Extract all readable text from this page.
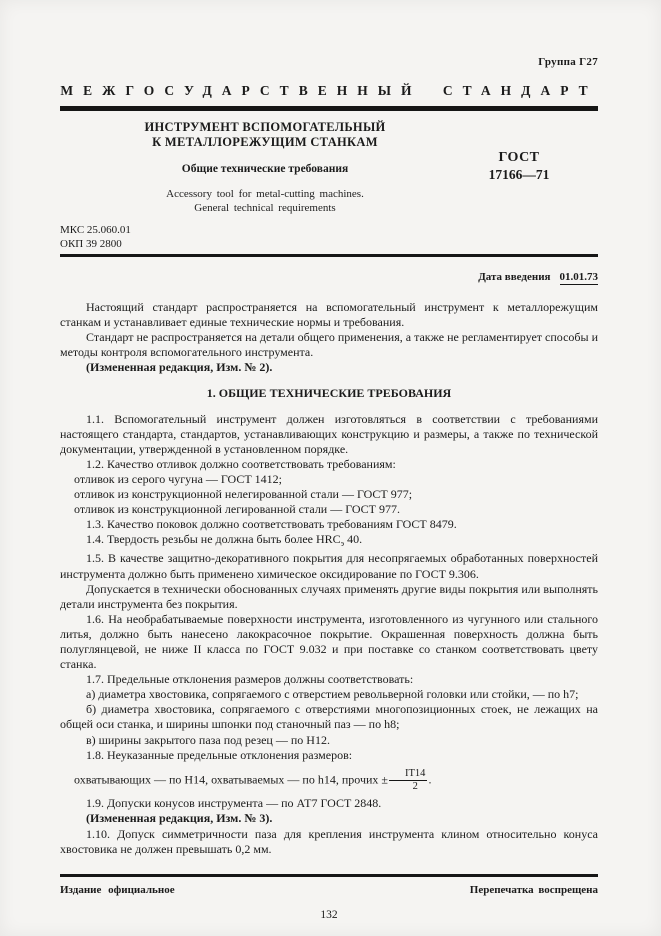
Группа Г27
МЕЖГОСУДАРСТВЕННЫЙ СТАНДАРТ
ИНСТРУМЕНТ ВСПОМОГАТЕЛЬНЫЙ
К МЕТАЛЛОРЕЖУЩИМ СТАНКАМ
Общие технические требования
Accessory tool for metal-cutting machines.
General technical requirements
ГОСТ
17166—71
МКС 25.060.01
ОКП 39 2800
Дата введения 01.01.73

Настоящий стандарт распространяется на вспомогательный инструмент к металлорежущим станкам и устанавливает единые технические нормы и требования.

Стандарт не распространяется на детали общего применения, а также не регламентирует способы и методы контроля вспомогательного инструмента.

(Измененная редакция, Изм. № 2).

1. ОБЩИЕ ТЕХНИЧЕСКИЕ ТРЕБОВАНИЯ

1.1. Вспомогательный инструмент должен изготовляться в соответствии с требованиями настоящего стандарта, стандартов, устанавливающих конструкцию и размеры, а также по технической документации, утвержденной в установленном порядке.

1.2. Качество отливок должно соответствовать требованиям:

отливок из серого чугуна — ГОСТ 1412;

отливок из конструкционной нелегированной стали — ГОСТ 977;

отливок из конструкционной легированной стали — ГОСТ 977.

1.3. Качество поковок должно соответствовать требованиям ГОСТ 8479.

1.4. Твердость резьбы не должна быть более $HRC_э$ 40.

1.5. В качестве защитно-декоративного покрытия для несопрягаемых обработанных поверхностей инструмента должно быть применено химическое оксидирование по ГОСТ 9.306.

Допускается в технически обоснованных случаях применять другие виды покрытия или выполнять детали инструмента без покрытия.

1.6. На необрабатываемые поверхности инструмента, изготовленного из чугунного или стального литья, должно быть нанесено лакокрасочное покрытие. Окрашенная поверхность должна быть полуглянцевой, не ниже II класса по ГОСТ 9.032 и при поставке со станком соответствовать цвету станка.

1.7. Предельные отклонения размеров должны соответствовать:

а) диаметра хвостовика, сопрягаемого с отверстием револьверной головки или стойки, — по h7;

б) диаметра хвостовика, сопрягаемого с отверстиями многопозиционных стоек, не лежащих на общей оси станка, и ширины шпонки под станочный паз — по h8;

в) ширины закрытого паза под резец — по H12.

1.8. Неуказанные предельные отклонения размеров:

охватывающих — по H14, охватываемых — по h14, прочих ± $\frac{IT14}{2}$ .

1.9. Допуски конусов инструмента — по АТ7 ГОСТ 2848.

(Измененная редакция, Изм. № 3).

1.10. Допуск симметричности паза для крепления инструмента клином относительно конуса хвостовика не должен превышать 0,2 мм.

Издание официальное	Перепечатка воспрещена
132
